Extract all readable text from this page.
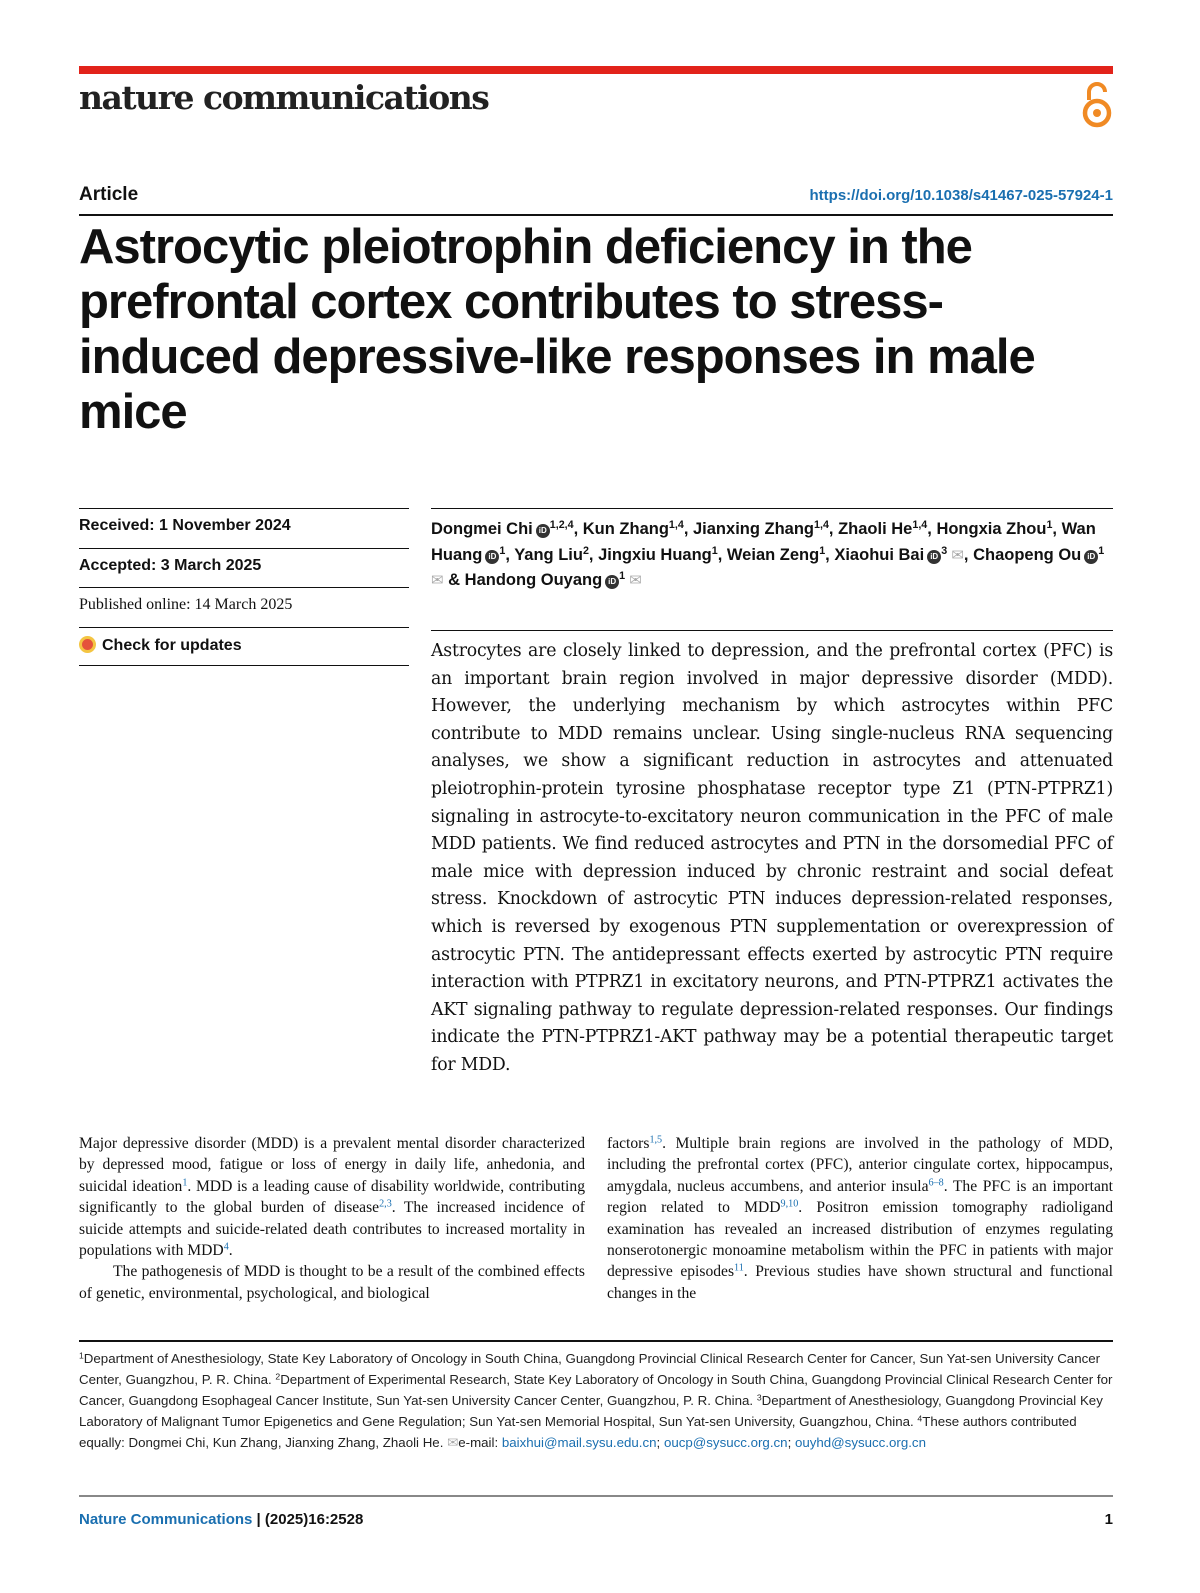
nature communications
Article	https://doi.org/10.1038/s41467-025-57924-1
Astrocytic pleiotrophin deficiency in the prefrontal cortex contributes to stress-induced depressive-like responses in male mice
Received: 1 November 2024
Accepted: 3 March 2025
Published online: 14 March 2025
Check for updates
Dongmei Chi iD $^{1,2,4}$, Kun Zhang$^{1,4}$, Jianxing Zhang$^{1,4}$, Zhaoli He$^{1,4}$, Hongxia Zhou$^1$, Wan Huang iD $^1$, Yang Liu$^2$, Jingxiu Huang$^1$, Weian Zeng$^1$, Xiaohui Bai iD $^3$ ✉, Chaopeng Ou iD $^1$ ✉ & Handong Ouyang iD $^1$ ✉
Astrocytes are closely linked to depression, and the prefrontal cortex (PFC) is an important brain region involved in major depressive disorder (MDD). However, the underlying mechanism by which astrocytes within PFC contribute to MDD remains unclear. Using single-nucleus RNA sequencing analyses, we show a significant reduction in astrocytes and attenuated pleiotrophin-protein tyrosine phosphatase receptor type Z1 (PTN-PTPRZ1) signaling in astrocyte-to-excitatory neuron communication in the PFC of male MDD patients. We find reduced astrocytes and PTN in the dorsomedial PFC of male mice with depression induced by chronic restraint and social defeat stress. Knockdown of astrocytic PTN induces depression-related responses, which is reversed by exogenous PTN supplementation or overexpression of astrocytic PTN. The antidepressant effects exerted by astrocytic PTN require interaction with PTPRZ1 in excitatory neurons, and PTN-PTPRZ1 activates the AKT signaling pathway to regulate depression-related responses. Our findings indicate the PTN-PTPRZ1-AKT pathway may be a potential therapeutic target for MDD.

Major depressive disorder (MDD) is a prevalent mental disorder characterized by depressed mood, fatigue or loss of energy in daily life, anhedonia, and suicidal ideation$^1$. MDD is a leading cause of disability worldwide, contributing significantly to the global burden of disease$^{2,3}$. The increased incidence of suicide attempts and suicide-related death contributes to increased mortality in populations with MDD$^4$.

The pathogenesis of MDD is thought to be a result of the combined effects of genetic, environmental, psychological, and biological

factors$^{1,5}$. Multiple brain regions are involved in the pathology of MDD, including the prefrontal cortex (PFC), anterior cingulate cortex, hippocampus, amygdala, nucleus accumbens, and anterior insula$^{6-8}$. The PFC is an important region related to MDD$^{9,10}$. Positron emission tomography radioligand examination has revealed an increased distribution of enzymes regulating nonserotonergic monoamine metabolism within the PFC in patients with major depressive episodes$^{11}$. Previous studies have shown structural and functional changes in the

$^1$Department of Anesthesiology, State Key Laboratory of Oncology in South China, Guangdong Provincial Clinical Research Center for Cancer, Sun Yat-sen University Cancer Center, Guangzhou, P. R. China. $^2$Department of Experimental Research, State Key Laboratory of Oncology in South China, Guangdong Provincial Clinical Research Center for Cancer, Guangdong Esophageal Cancer Institute, Sun Yat-sen University Cancer Center, Guangzhou, P. R. China. $^3$Department of Anesthesiology, Guangdong Provincial Key Laboratory of Malignant Tumor Epigenetics and Gene Regulation; Sun Yat-sen Memorial Hospital, Sun Yat-sen University, Guangzhou, China. $^4$These authors contributed equally: Dongmei Chi, Kun Zhang, Jianxing Zhang, Zhaoli He. ✉e-mail: baixhui@mail.sysu.edu.cn; oucp@sysucc.org.cn; ouyhd@sysucc.org.cn
Nature Communications | (2025)16:2528	1
